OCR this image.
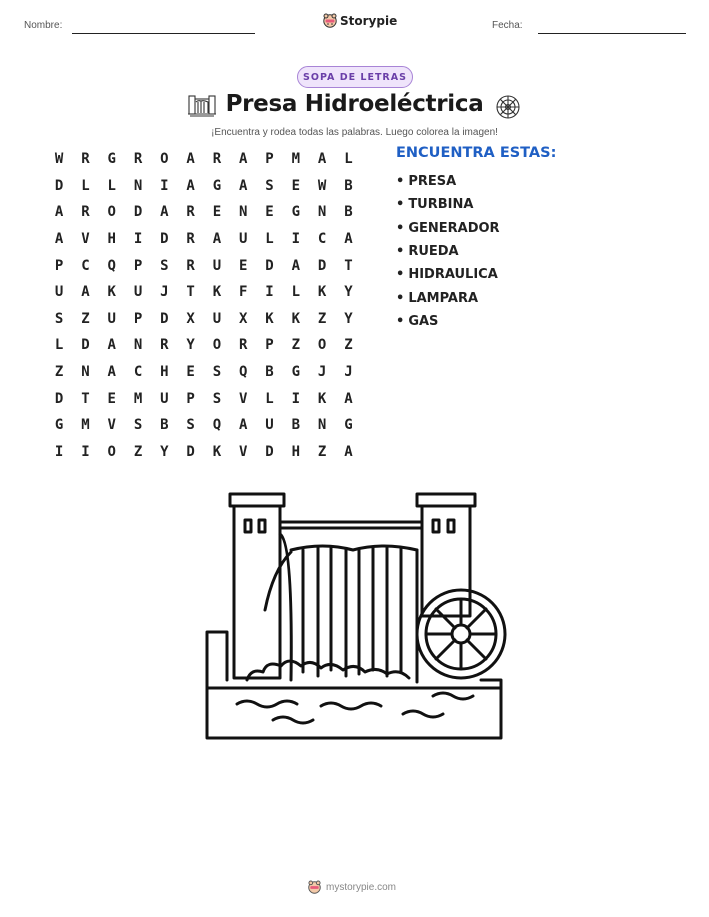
Nombre:	Storypie	Fecha:
SOPA DE LETRAS
Presa Hidroeléctrica
¡Encuentra y rodea todas las palabras. Luego colorea la imagen!
W	R	G	R	O	A	R	A	P	M	A	L
D	L	L	N	I	A	G	A	S	E	W	B
A	R	O	D	A	R	E	N	E	G	N	B
A	V	H	I	D	R	A	U	L	I	C	A
P	C	Q	P	S	R	U	E	D	A	D	T
U	A	K	U	J	T	K	F	I	L	K	Y
S	Z	U	P	D	X	U	X	K	K	Z	Y
L	D	A	N	R	Y	O	R	P	Z	O	Z
Z	N	A	C	H	E	S	Q	B	G	J	J
D	T	E	M	U	P	S	V	L	I	K	A
G	M	V	S	B	S	Q	A	U	B	N	G
I	I	O	Z	Y	D	K	V	D	H	Z	A
ENCUENTRA ESTAS:
• PRESA
• TURBINA
• GENERADOR
• RUEDA
• HIDRAULICA
• LAMPARA
• GAS
mystorypie.com
